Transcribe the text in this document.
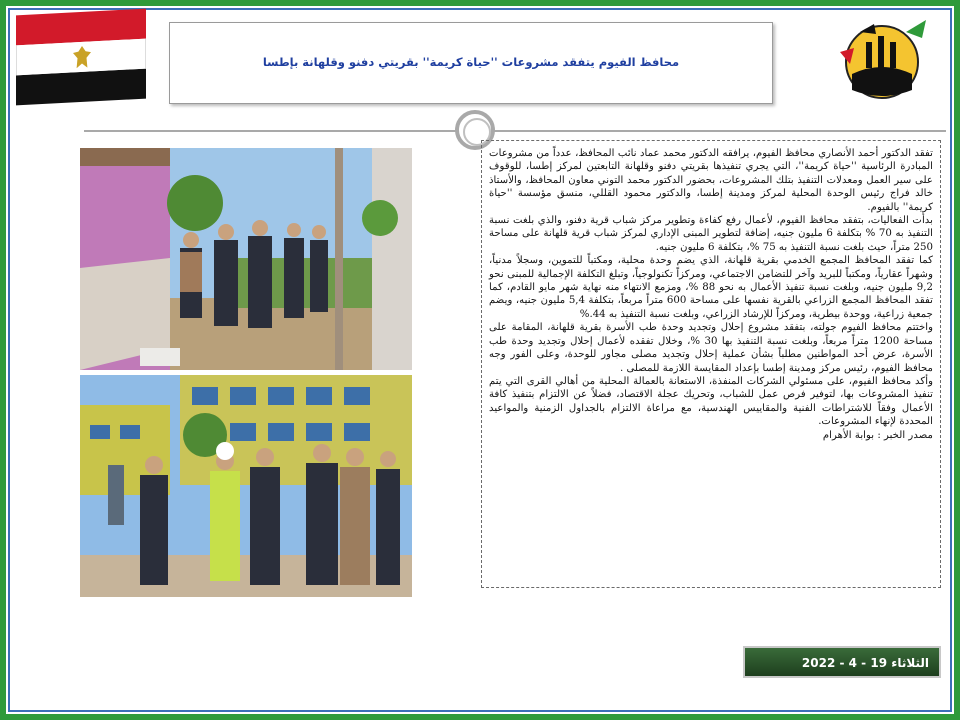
محافظ الفيوم يتفقد مشروعات ''حياة كريمة'' بقريتي دفنو وقلهانة بإطسا

تفقد الدكتور أحمد الأنصاري محافظ الفيوم، يرافقه الدكتور محمد عماد نائب المحافظ، عدداً من مشروعات المبادرة الرئاسية ''حياة كريمة''، التي يجري تنفيذها بقريتي دفنو وقلهانة التابعتين لمركز إطسا، للوقوف على سير العمل ومعدلات التنفيذ بتلك المشروعات، بحضور الدكتور محمد التوني معاون المحافظ، والأستاذ خالد فراج رئيس الوحدة المحلية لمركز ومدينة إطسا، والدكتور محمود القللي، منسق مؤسسة ''حياة كريمة'' بالفيوم.

بدأت الفعاليات، بتفقد محافظ الفيوم، لأعمال رفع كفاءة وتطوير مركز شباب قرية دفنو، والذي بلغت نسبة التنفيذ به 70 % بتكلفة 6 مليون جنيه، إضافة لتطوير المبنى الإداري لمركز شباب قرية قلهانة على مساحة 250 متراً، حيث بلغت نسبة التنفيذ به 75 %، بتكلفة 6 مليون جنيه.

كما تفقد المحافظ المجمع الخدمي بقرية قلهانة، الذي يضم وحدة محلية، ومكتباً للتموين، وسجلاً مدنياً، وشهراً عقارياً، ومكتباً للبريد وآخر للتضامن الاجتماعي، ومركزاً تكنولوجياً، وتبلغ التكلفة الإجمالية للمبنى نحو 9,2 مليون جنيه، وبلغت نسبة تنفيذ الأعمال به نحو 88 %، ومزمع الانتهاء منه نهاية شهر مايو القادم، كما تفقد المحافظ المجمع الزراعي بالقرية نفسها على مساحة 600 متراً مربعاً، بتكلفة 5,4 مليون جنيه، ويضم جمعية زراعية، ووحدة بيطرية، ومركزاً للإرشاد الزراعي، وبلغت نسبة التنفيذ به 44.%

واختتم محافظ الفيوم جولته، بتفقد مشروع إحلال وتجديد وحدة طب الأسرة بقرية قلهانة، المقامة على مساحة 1200 متراً مربعاً، وبلغت نسبة التنفيذ بها 30 %، وخلال تفقده لأعمال إحلال وتجديد وحدة طب الأسرة، عرض أحد المواطنين مطلباً بشأن عملية إحلال وتجديد مصلى مجاور للوحدة، وعلى الفور وجه محافظ الفيوم، رئيس مركز ومدينة إطسا بإعداد المقايسة اللازمة للمصلى .

وأكد محافظ الفيوم، على مسئولي الشركات المنفذة، الاستعانة بالعمالة المحلية من أهالي القرى التي يتم تنفيذ المشروعات بها، لتوفير فرص عمل للشباب، وتحريك عجلة الاقتصاد، فضلاً عن الالتزام بتنفيذ كافة الأعمال وفقاً للاشتراطات الفنية والمقاييس الهندسية، مع مراعاة الالتزام بالجداول الزمنية والمواعيد المحددة لإنهاء المشروعات.

مصدر الخبر : بوابة الأهرام

الثلاثاء 19 - 4 - 2022
